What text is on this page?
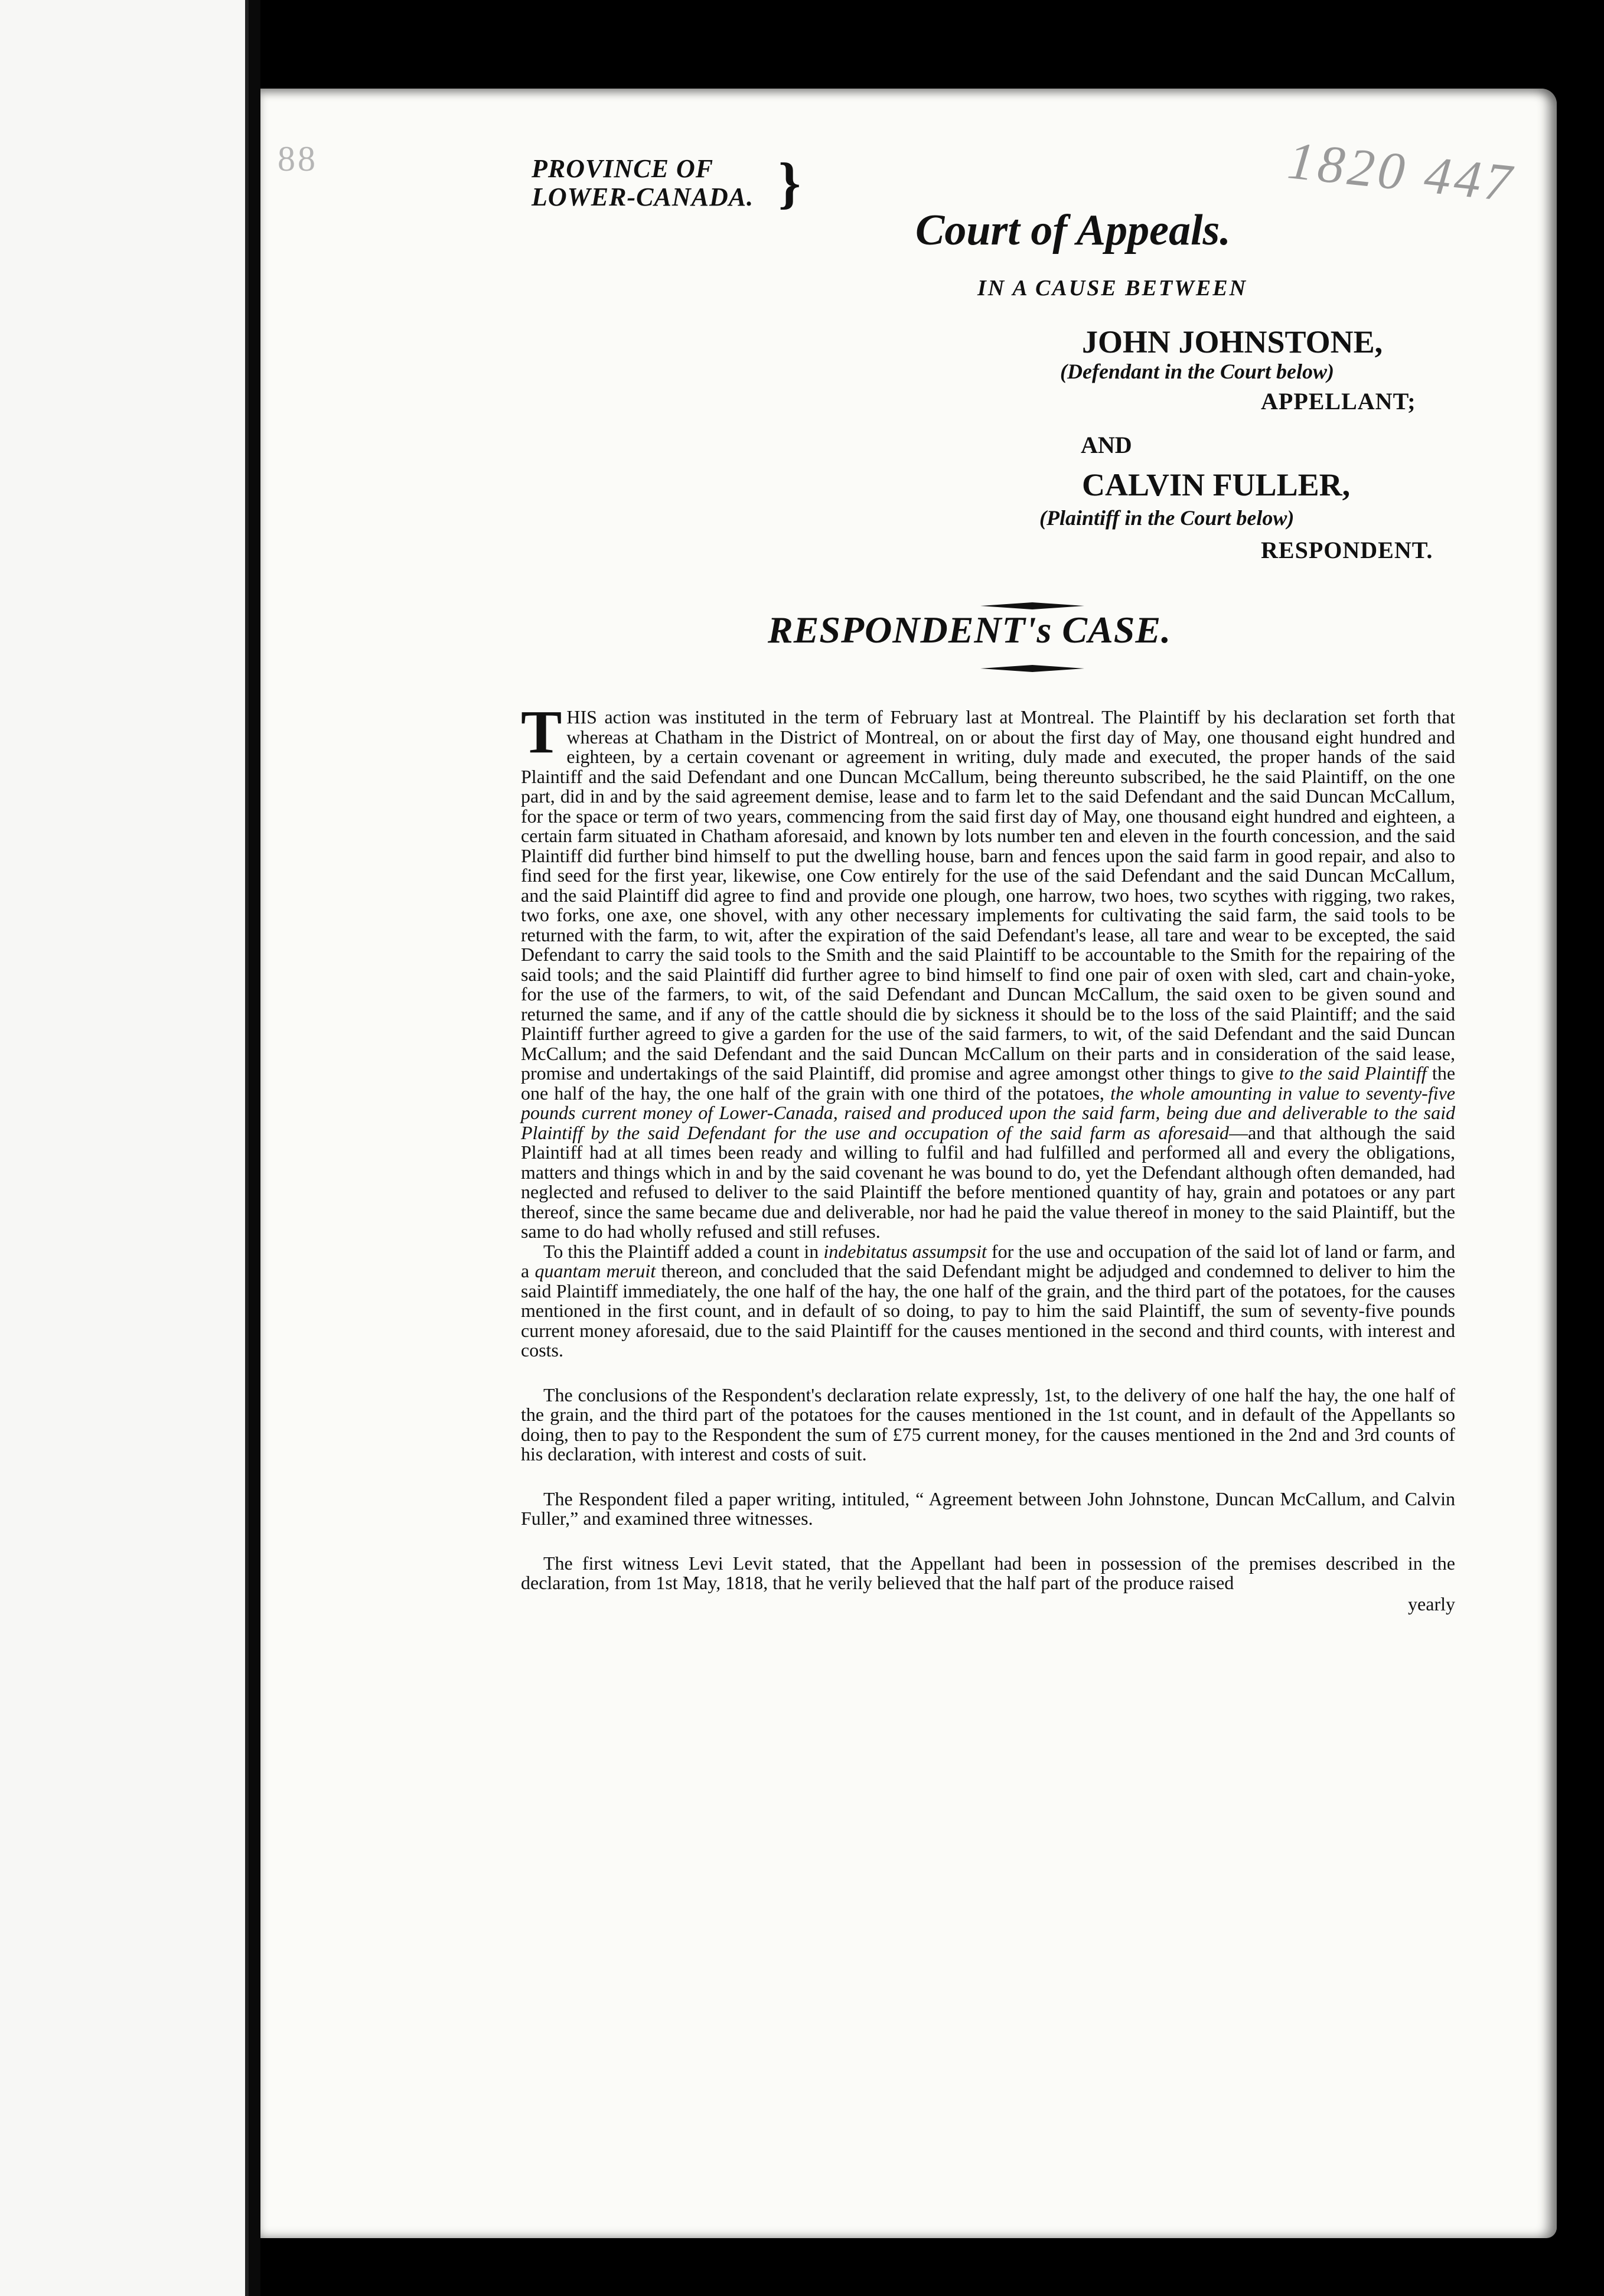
88	1820 447
PROVINCE OF
LOWER-CANADA. }
Court of Appeals.
IN A CAUSE BETWEEN
JOHN JOHNSTONE,
(Defendant in the Court below)
APPELLANT;
AND
CALVIN FULLER,
(Plaintiff in the Court below)
RESPONDENT.
RESPONDENT's CASE.

THIS action was instituted in the term of February last at Montreal. The Plaintiff by his declaration set forth that whereas at Chatham in the District of Montreal, on or about the first day of May, one thousand eight hundred and eighteen, by a certain covenant or agreement in writing, duly made and executed, the proper hands of the said Plaintiff and the said Defendant and one Duncan McCallum, being thereunto subscribed, he the said Plaintiff, on the one part, did in and by the said agreement demise, lease and to farm let to the said Defendant and the said Duncan McCallum, for the space or term of two years, commencing from the said first day of May, one thousand eight hundred and eighteen, a certain farm situated in Chatham aforesaid, and known by lots number ten and eleven in the fourth concession, and the said Plaintiff did further bind himself to put the dwelling house, barn and fences upon the said farm in good repair, and also to find seed for the first year, likewise, one Cow entirely for the use of the said Defendant and the said Duncan McCallum, and the said Plaintiff did agree to find and provide one plough, one harrow, two hoes, two scythes with rigging, two rakes, two forks, one axe, one shovel, with any other necessary implements for cultivating the said farm, the said tools to be returned with the farm, to wit, after the expiration of the said Defendant's lease, all tare and wear to be excepted, the said Defendant to carry the said tools to the Smith and the said Plaintiff to be accountable to the Smith for the repairing of the said tools; and the said Plaintiff did further agree to bind himself to find one pair of oxen with sled, cart and chain-yoke, for the use of the farmers, to wit, of the said Defendant and Duncan McCallum, the said oxen to be given sound and returned the same, and if any of the cattle should die by sickness it should be to the loss of the said Plaintiff; and the said Plaintiff further agreed to give a garden for the use of the said farmers, to wit, of the said Defendant and the said Duncan McCallum; and the said Defendant and the said Duncan McCallum on their parts and in consideration of the said lease, promise and undertakings of the said Plaintiff, did promise and agree amongst other things to give to the said Plaintiff the one half of the hay, the one half of the grain with one third of the potatoes, the whole amounting in value to seventy-five pounds current money of Lower-Canada, raised and produced upon the said farm, being due and deliverable to the said Plaintiff by the said Defendant for the use and occupation of the said farm as aforesaid—and that although the said Plaintiff had at all times been ready and willing to fulfil and had fulfilled and performed all and every the obligations, matters and things which in and by the said covenant he was bound to do, yet the Defendant although often demanded, had neglected and refused to deliver to the said Plaintiff the before mentioned quantity of hay, grain and potatoes or any part thereof, since the same became due and deliverable, nor had he paid the value thereof in money to the said Plaintiff, but the same to do had wholly refused and still refuses.

To this the Plaintiff added a count in indebitatus assumpsit for the use and occupation of the said lot of land or farm, and a quantam meruit thereon, and concluded that the said Defendant might be adjudged and condemned to deliver to him the said Plaintiff immediately, the one half of the hay, the one half of the grain, and the third part of the potatoes, for the causes mentioned in the first count, and in default of so doing, to pay to him the said Plaintiff, the sum of seventy-five pounds current money aforesaid, due to the said Plaintiff for the causes mentioned in the second and third counts, with interest and costs.

The conclusions of the Respondent's declaration relate expressly, 1st, to the delivery of one half the hay, the one half of the grain, and the third part of the potatoes for the causes mentioned in the 1st count, and in default of the Appellants so doing, then to pay to the Respondent the sum of £75 current money, for the causes mentioned in the 2nd and 3rd counts of his declaration, with interest and costs of suit.

The Respondent filed a paper writing, intituled, “ Agreement between John Johnstone, Duncan McCallum, and Calvin Fuller,” and examined three witnesses.

The first witness Levi Levit stated, that the Appellant had been in possession of the premises described in the declaration, from 1st May, 1818, that he verily believed that the half part of the produce raised

yearly
